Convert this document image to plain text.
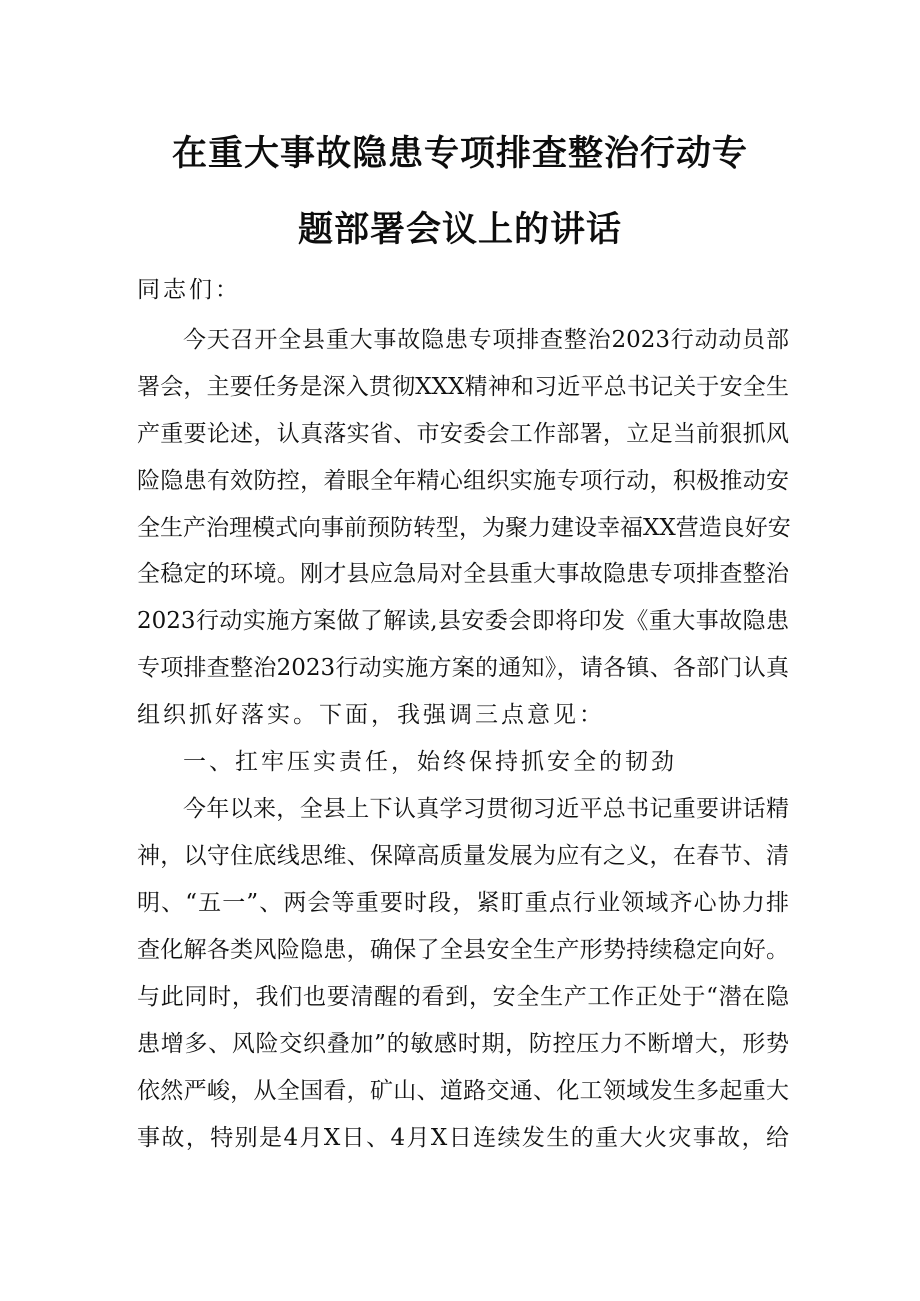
在重大事故隐患专项排查整治行动专
题部署会议上的讲话
同志们：
今天召开全县重大事故隐患专项排查整治2023行动动员部
署会，主要任务是深入贯彻XXX精神和习近平总书记关于安全生
产重要论述，认真落实省、市安委会工作部署，立足当前狠抓风
险隐患有效防控，着眼全年精心组织实施专项行动，积极推动安
全生产治理模式向事前预防转型，为聚力建设幸福XX营造良好安
全稳定的环境。刚才县应急局对全县重大事故隐患专项排查整治
2023行动实施方案做了解读,县安委会即将印发《重大事故隐患
专项排查整治2023行动实施方案的通知》，请各镇、各部门认真
组织抓好落实。下面，我强调三点意见：
一、扛牢压实责任，始终保持抓安全的韧劲
今年以来，全县上下认真学习贯彻习近平总书记重要讲话精
神，以守住底线思维、保障高质量发展为应有之义，在春节、清
明、“五一”、两会等重要时段，紧盯重点行业领域齐心协力排
查化解各类风险隐患，确保了全县安全生产形势持续稳定向好。
与此同时，我们也要清醒的看到，安全生产工作正处于“潜在隐
患增多、风险交织叠加”的敏感时期，防控压力不断增大，形势
依然严峻，从全国看，矿山、道路交通、化工领域发生多起重大
事故，特别是4月X日、4月X日连续发生的重大火灾事故，给
